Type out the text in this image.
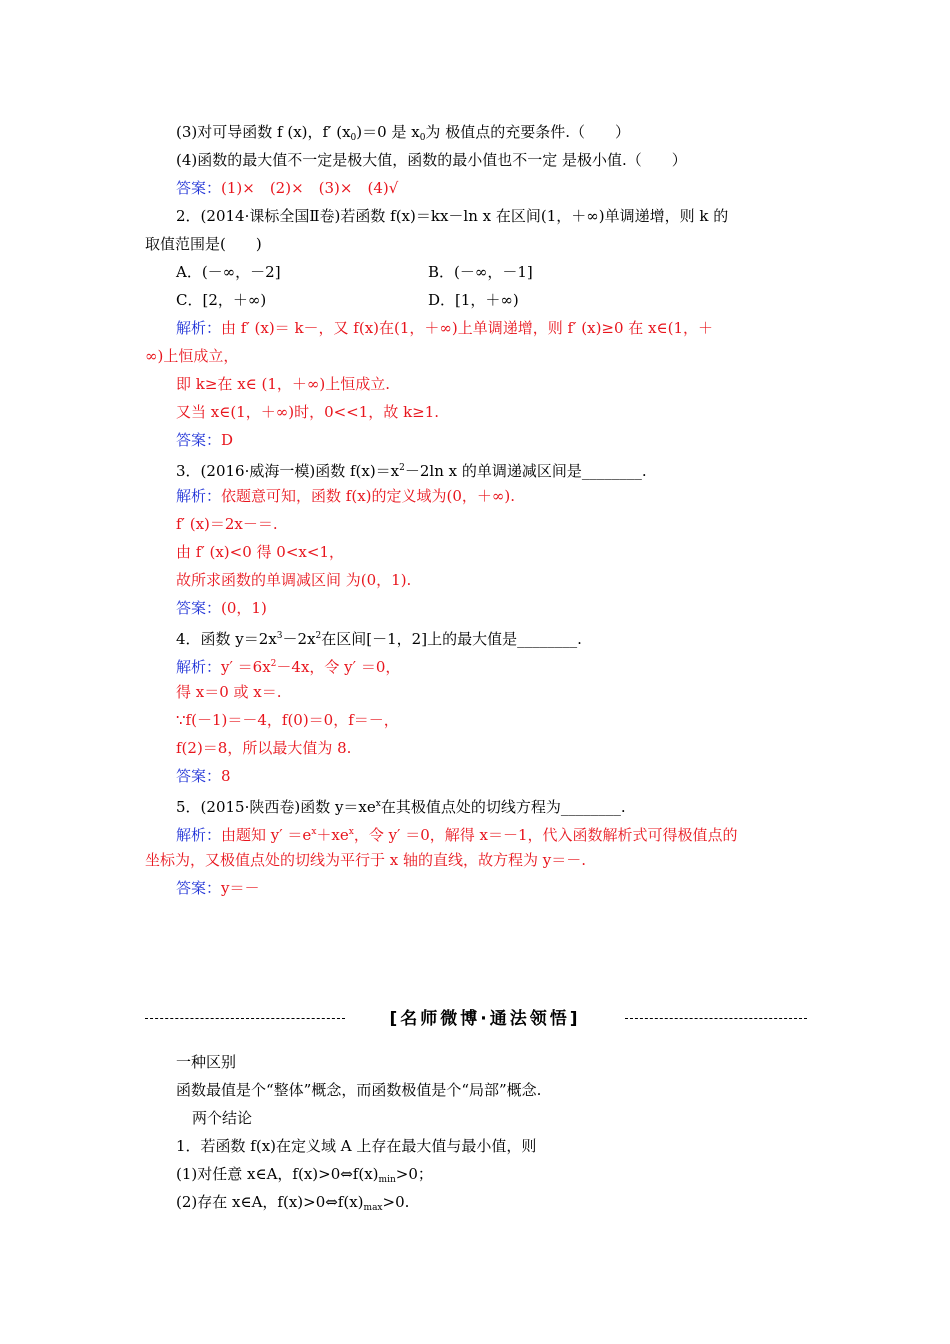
(3)对可导函数 f (x)，f′ $(x_0)=0$ 是 $x_0$为 极值点的充要条件.（　　）
(4)函数的最大值不一定是极大值，函数的最小值也不一定 是极小值.（　　）
答案：(1)×　(2)×　(3)×　(4)√
2．(2014·课标全国Ⅱ卷)若函数 f(x)＝kx－ln x 在区间(1，＋∞)单调递增，则 k 的
取值范围是(　　)
A．(－∞，－2]	B．(－∞，－1]
C．[2，＋∞)	D．[1，＋∞)
解析：由 f′ (x)＝ k－，又 f(x)在(1，＋∞)上单调递增，则 f′ (x)≥0 在 x∈(1，＋
∞)上恒成立，
即 k≥在 x∈ (1，＋∞)上恒成立.
又当 x∈(1，＋∞)时，0<<1，故 k≥1.
答案：D
3．(2016·威海一模)函数 $f(x)=x^2-2\ln$ x 的单调递减区间是________.
解析：依题意可知，函数 f(x)的定义域为(0，＋∞).
f′ (x)＝2x－＝.
由 f′ (x)<0 得 0<x<1，
故所求函数的单调减区间 为(0，1).
答案：(0，1)
4．函数 $y=2x^3-2x^2$在区间[－1，2]上的最大值是________.
解析：$y' =6x^2-4x$，令 y′ ＝0，
得 x＝0 或 x＝.
∵f(－1)＝－4，f(0)＝0，f＝－，
f(2)＝8，所以最大值为 8.
答案：8
5．(2015·陕西卷)函数 $y=xe^x$在其极值点处的切线方程为________.
解析：由题知 $y' =e^x+xe^x$，令 y′ ＝0，解得 x＝－1，代入函数解析式可得极值点的
坐标为，又极值点处的切线为平行于 x 轴的直线，故方程为 y＝－.
答案：y＝－
[名师微博·通法领悟]
一种区别
函数最值是个“整体”概念，而函数极值是个“局部”概念.
两个结论
1．若函数 f(x)在定义域 A 上存在最大值与最小值，则
(1)对任意 x∈A，$f(x)>0\Leftrightarrow f(x)_{min}>0$；
(2)存在 x∈A，$f(x)>0\Leftrightarrow f(x)_{max}>0$.
